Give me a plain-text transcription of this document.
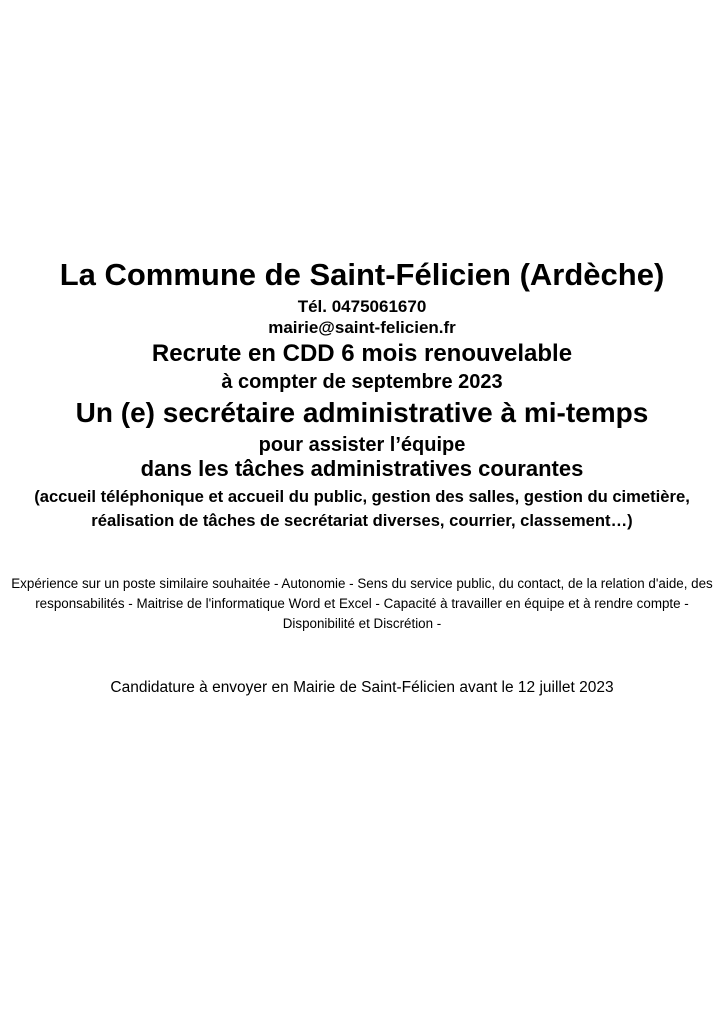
La Commune de Saint-Félicien (Ardèche)

Tél. 0475061670

mairie@saint-felicien.fr

Recrute en CDD 6 mois renouvelable

à compter de septembre 2023

Un (e) secrétaire administrative à mi-temps

pour assister l’équipe

dans les tâches administratives courantes

(accueil téléphonique et accueil du public, gestion des salles, gestion du cimetière, réalisation de tâches de secrétariat diverses, courrier, classement…)

Expérience sur un poste similaire souhaitée - Autonomie - Sens du service public, du contact, de la relation d'aide, des responsabilités - Maitrise de l'informatique Word et Excel - Capacité à travailler en équipe et à rendre compte - Disponibilité et Discrétion -

Candidature à envoyer en Mairie de Saint-Félicien avant le 12 juillet 2023
